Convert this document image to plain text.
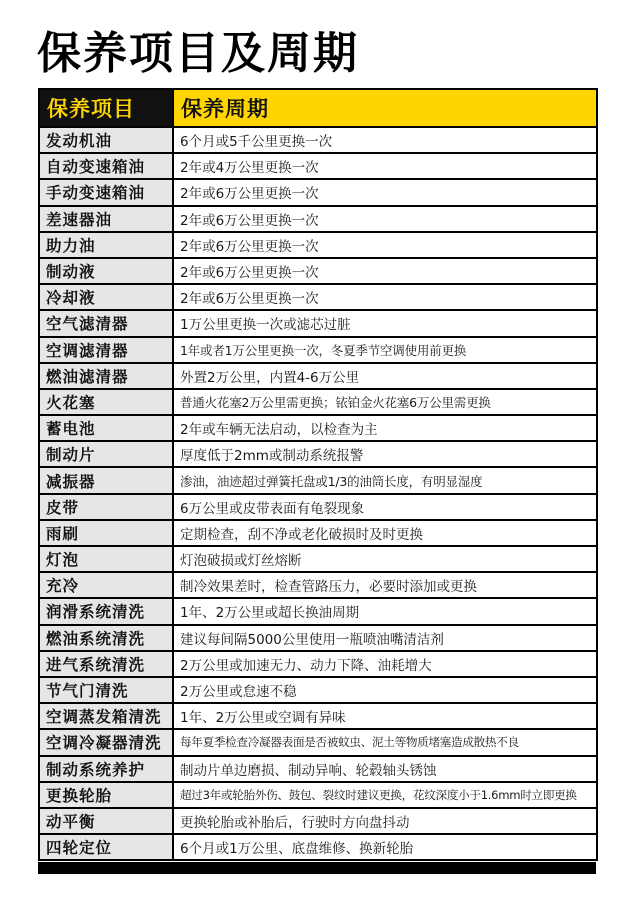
保养项目及周期
保养项目	保养周期
发动机油	6个月或5千公里更换一次
自动变速箱油	2年或4万公里更换一次
手动变速箱油	2年或6万公里更换一次
差速器油	2年或6万公里更换一次
助力油	2年或6万公里更换一次
制动液	2年或6万公里更换一次
冷却液	2年或6万公里更换一次
空气滤清器	1万公里更换一次或滤芯过脏
空调滤清器	1年或者1万公里更换一次，冬夏季节空调使用前更换
燃油滤清器	外置2万公里，内置4-6万公里
火花塞	普通火花塞2万公里需更换；铱铂金火花塞6万公里需更换
蓄电池	2年或车辆无法启动，以检查为主
制动片	厚度低于2mm或制动系统报警
减振器	渗油，油迹超过弹簧托盘或1/3的油筒长度，有明显湿度
皮带	6万公里或皮带表面有龟裂现象
雨刷	定期检查，刮不净或老化破损时及时更换
灯泡	灯泡破损或灯丝熔断
充冷	制冷效果差时，检查管路压力，必要时添加或更换
润滑系统清洗	1年、2万公里或超长换油周期
燃油系统清洗	建议每间隔5000公里使用一瓶喷油嘴清洁剂
进气系统清洗	2万公里或加速无力、动力下降、油耗增大
节气门清洗	2万公里或怠速不稳
空调蒸发箱清洗	1年、2万公里或空调有异味
空调冷凝器清洗	每年夏季检查冷凝器表面是否被蚊虫、泥土等物质堵塞造成散热不良
制动系统养护	制动片单边磨损、制动异响、轮毂轴头锈蚀
更换轮胎	超过3年或轮胎外伤、鼓包、裂纹时建议更换，花纹深度小于1.6mm时立即更换
动平衡	更换轮胎或补胎后，行驶时方向盘抖动
四轮定位	6个月或1万公里、底盘维修、换新轮胎
